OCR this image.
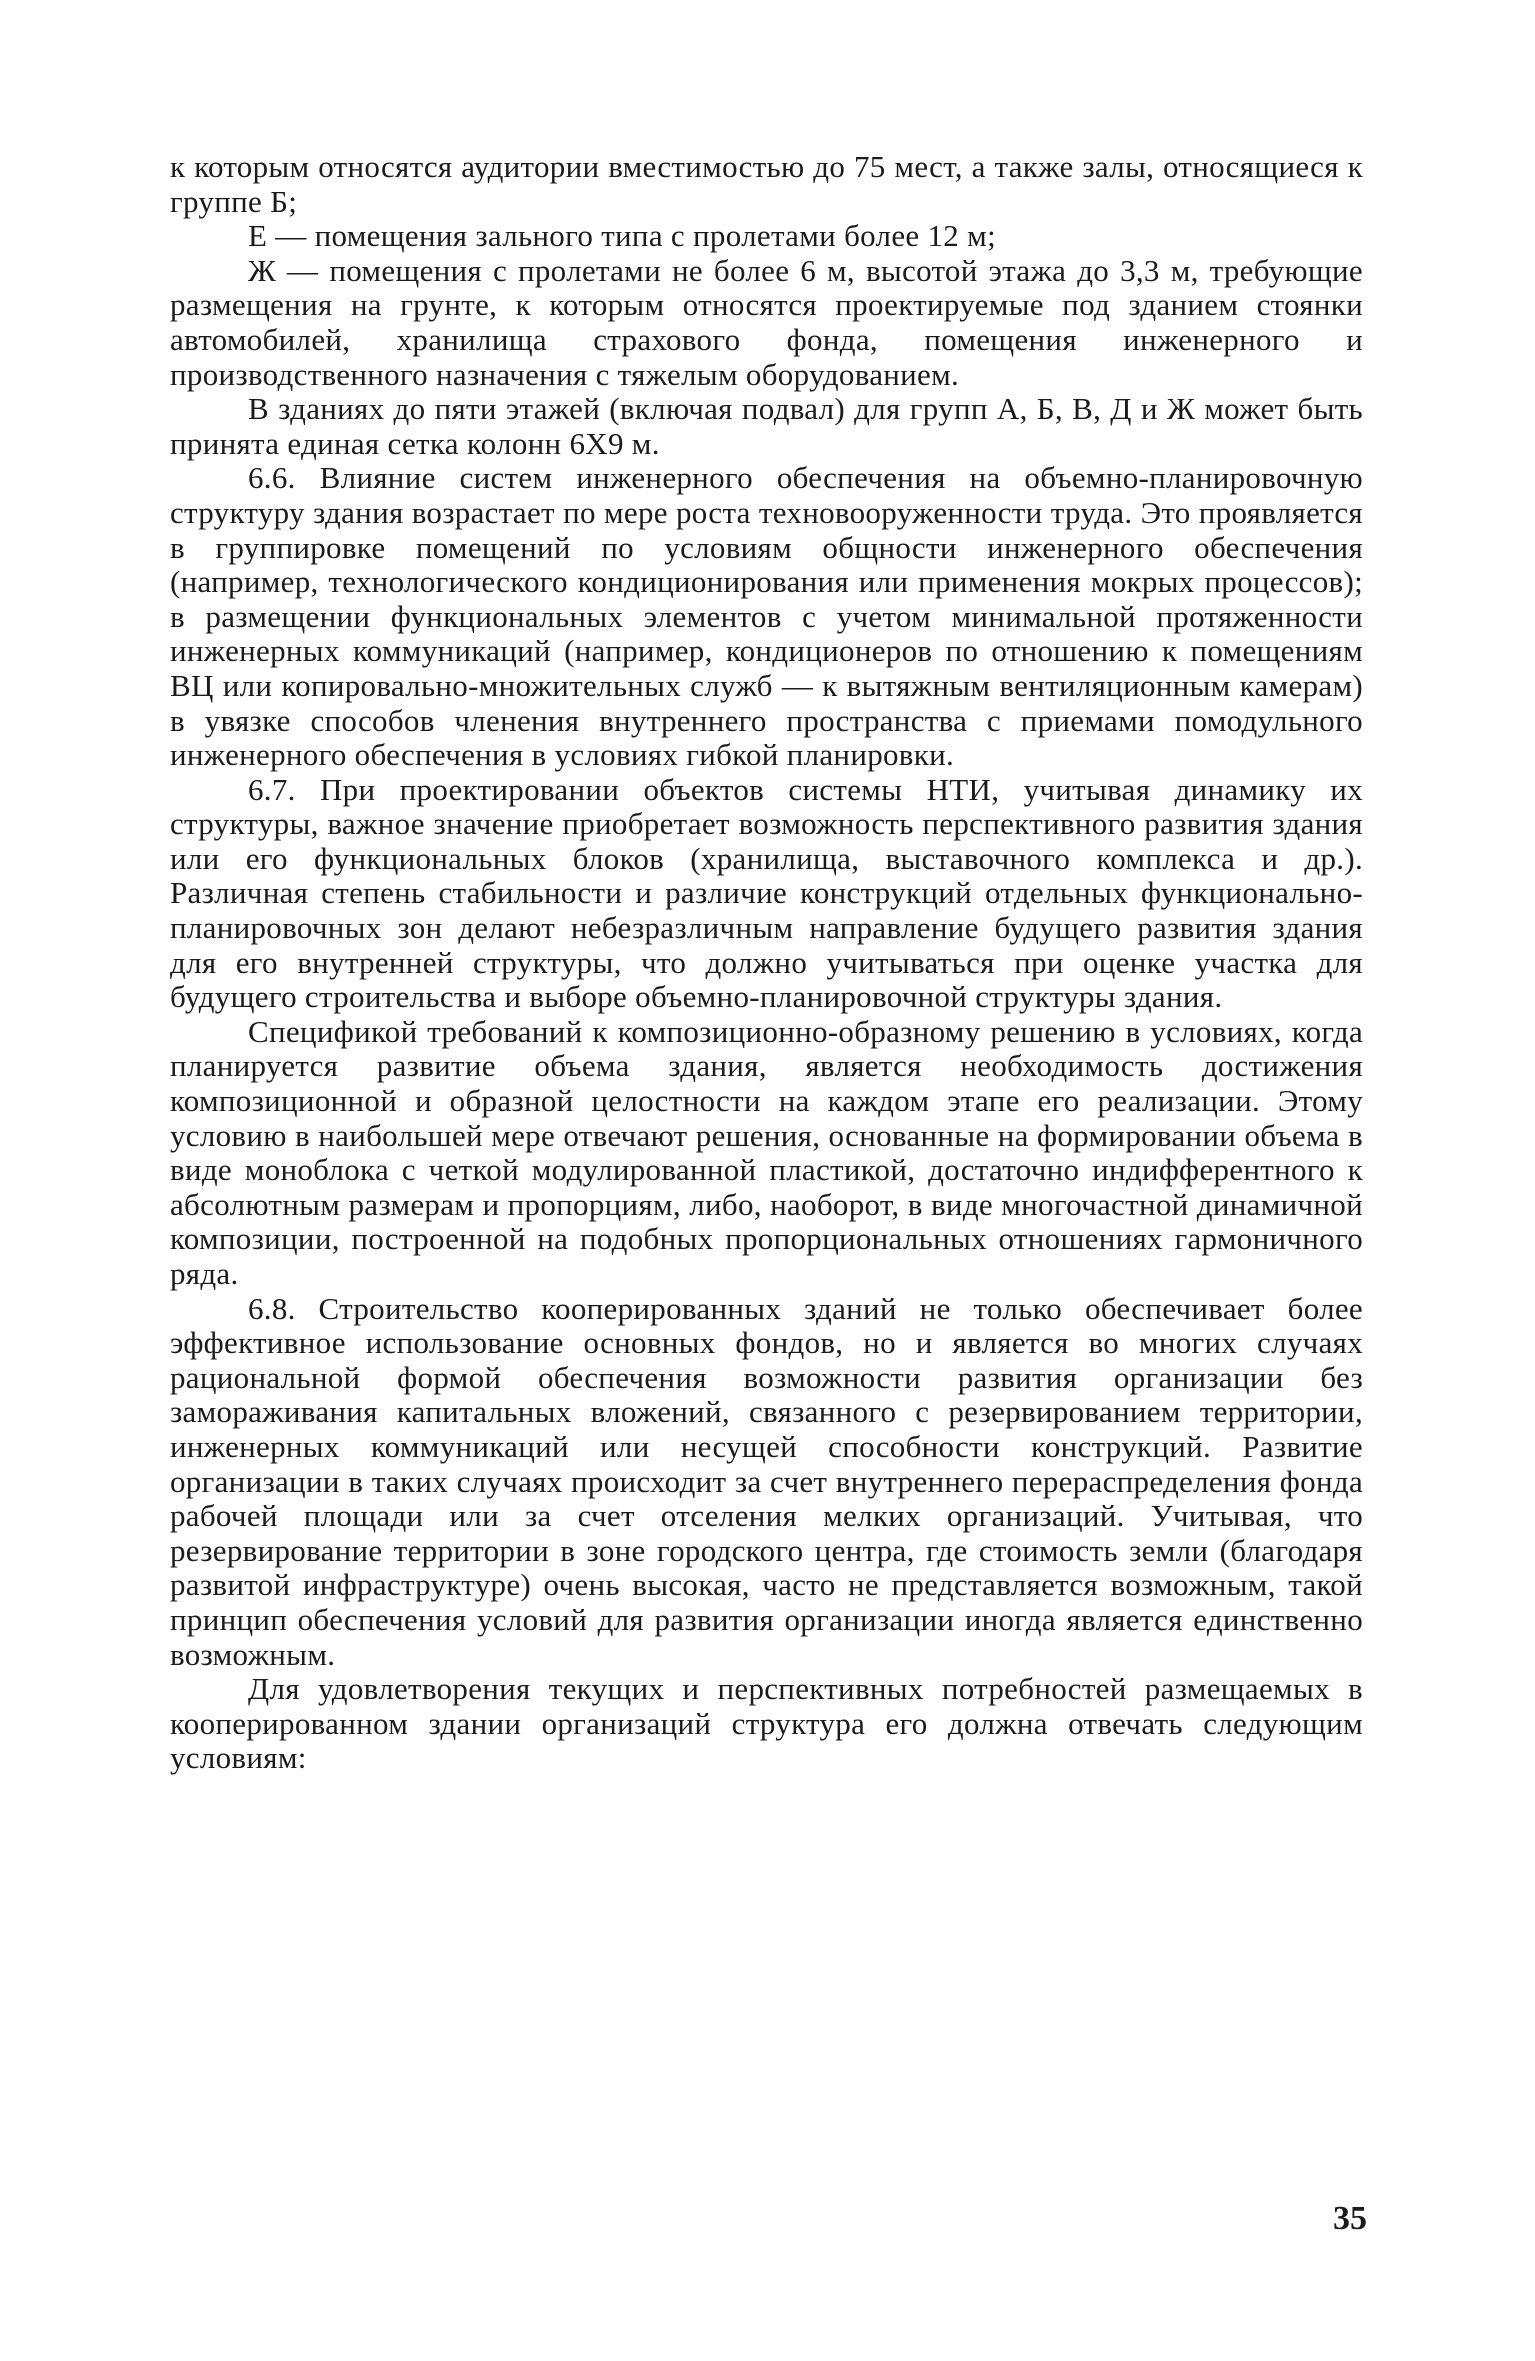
к которым относятся аудитории вместимостью до 75 мест, а также залы, относящиеся к группе Б;

Е — помещения зального типа с пролетами более 12 м;

Ж — помещения с пролетами не более 6 м, высотой этажа до 3,3 м, требующие размещения на грунте, к которым относятся проектируемые под зданием стоянки автомобилей, хранилища страхового фонда, помещения инженерного и производственного назначения с тяжелым оборудованием.

В зданиях до пяти этажей (включая подвал) для групп А, Б, В, Д и Ж может быть принята единая сетка колонн 6Х9 м.

6.6. Влияние систем инженерного обеспечения на объемно-планировочную структуру здания возрастает по мере роста техновооруженности труда. Это проявляется в группировке помещений по условиям общности инженерного обеспечения (например, технологического кондиционирования или применения мокрых процессов); в размещении функциональных элементов с учетом минимальной протяженности инженерных коммуникаций (например, кондиционеров по отношению к помещениям ВЦ или копировально-множительных служб — к вытяжным вентиляционным камерам) в увязке способов членения внутреннего пространства с приемами помодульного инженерного обеспечения в условиях гибкой планировки.

6.7. При проектировании объектов системы НТИ, учитывая динамику их структуры, важное значение приобретает возможность перспективного развития здания или его функциональных блоков (хранилища, выставочного комплекса и др.). Различная степень стабильности и различие конструкций отдельных функционально-планировочных зон делают небезразличным направление будущего развития здания для его внутренней структуры, что должно учитываться при оценке участка для будущего строительства и выборе объемно-планировочной структуры здания.

Спецификой требований к композиционно-образному решению в условиях, когда планируется развитие объема здания, является необходимость достижения композиционной и образной целостности на каждом этапе его реализации. Этому условию в наибольшей мере отвечают решения, основанные на формировании объема в виде моноблока с четкой модулированной пластикой, достаточно индифферентного к абсолютным размерам и пропорциям, либо, наоборот, в виде многочастной динамичной композиции, построенной на подобных пропорциональных отношениях гармоничного ряда.

6.8. Строительство кооперированных зданий не только обеспечивает более эффективное использование основных фондов, но и является во многих случаях рациональной формой обеспечения возможности развития организации без замораживания капитальных вложений, связанного с резервированием территории, инженерных коммуникаций или несущей способности конструкций. Развитие организации в таких случаях происходит за счет внутреннего перераспределения фонда рабочей площади или за счет отселения мелких организаций. Учитывая, что резервирование территории в зоне городского центра, где стоимость земли (благодаря развитой инфраструктуре) очень высокая, часто не представляется возможным, такой принцип обеспечения условий для развития организации иногда является единственно возможным.

Для удовлетворения текущих и перспективных потребностей размещаемых в кооперированном здании организаций структура его должна отвечать следующим условиям:

35
